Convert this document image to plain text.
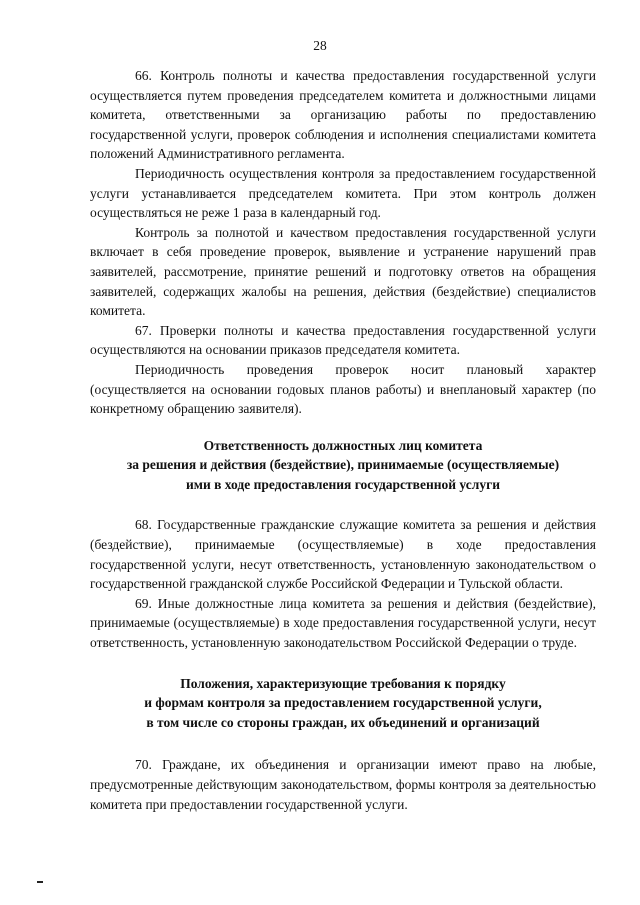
28

66. Контроль полноты и качества предоставления государственной услуги осуществляется путем проведения председателем комитета и должностными лицами комитета, ответственными за организацию работы по предоставлению государственной услуги, проверок соблюдения и исполнения специалистами комитета положений Административного регламента.

Периодичность осуществления контроля за предоставлением государственной услуги устанавливается председателем комитета. При этом контроль должен осуществляться не реже 1 раза в календарный год.

Контроль за полнотой и качеством предоставления государственной услуги включает в себя проведение проверок, выявление и устранение нарушений прав заявителей, рассмотрение, принятие решений и подготовку ответов на обращения заявителей, содержащих жалобы на решения, действия (бездействие) специалистов комитета.

67. Проверки полноты и качества предоставления государственной услуги осуществляются на основании приказов председателя комитета.

Периодичность проведения проверок носит плановый характер (осуществляется на основании годовых планов работы) и внеплановый характер (по конкретному обращению заявителя).

Ответственность должностных лиц комитета
за решения и действия (бездействие), принимаемые (осуществляемые)
ими в ходе предоставления государственной услуги

68. Государственные гражданские служащие комитета за решения и действия (бездействие), принимаемые (осуществляемые) в ходе предоставления государственной услуги, несут ответственность, установленную законодательством о государственной гражданской службе Российской Федерации и Тульской области.

69. Иные должностные лица комитета за решения и действия (бездействие), принимаемые (осуществляемые) в ходе предоставления государственной услуги, несут ответственность, установленную законодательством Российской Федерации о труде.

Положения, характеризующие требования к порядку
и формам контроля за предоставлением государственной услуги,
в том числе со стороны граждан, их объединений и организаций

70. Граждане, их объединения и организации имеют право на любые, предусмотренные действующим законодательством, формы контроля за деятельностью комитета при предоставлении государственной услуги.
